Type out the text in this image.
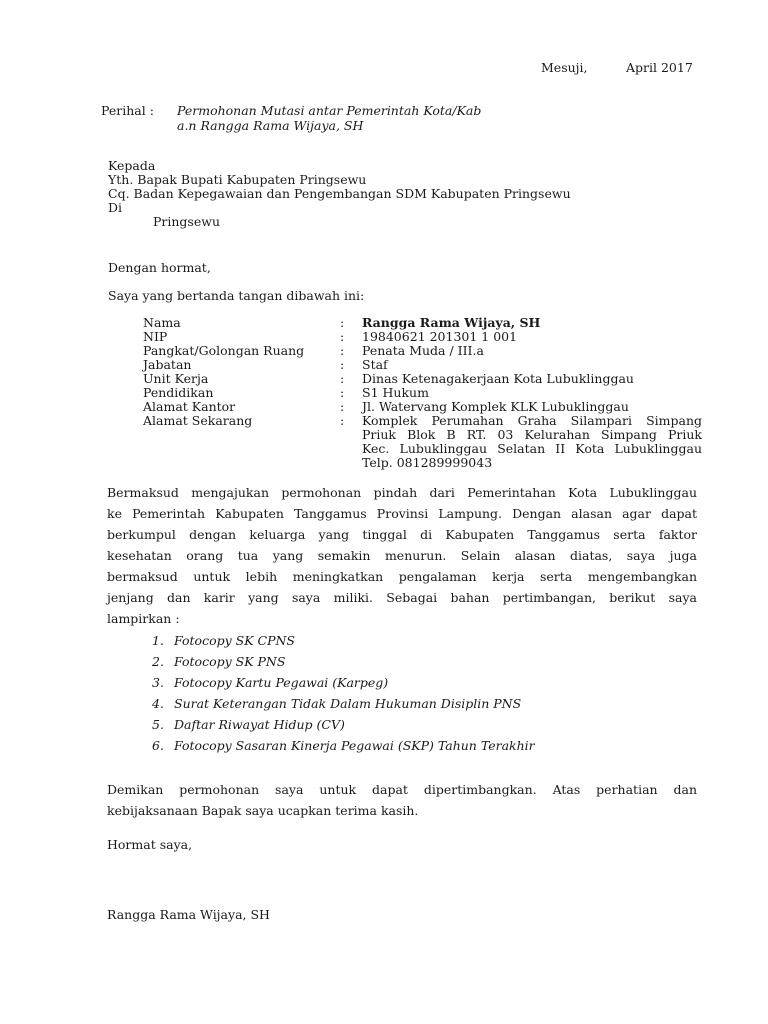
Mesuji,	April 2017
Perihal : Permohonan Mutasi antar Pemerintah Kota/Kab
a.n Rangga Rama Wijaya, SH
Kepada
Yth. Bapak Bupati Kabupaten Pringsewu
Cq. Badan Kepegawaian dan Pengembangan SDM Kabupaten Pringsewu
Di
Pringsewu
Dengan hormat,
Saya yang bertanda tangan dibawah ini:
Nama	:	Rangga Rama Wijaya, SH
NIP	:	19840621 201301 1 001
Pangkat/Golongan Ruang	:	Penata Muda / III.a
Jabatan	:	Staf
Unit Kerja	:	Dinas Ketenagakerjaan Kota Lubuklinggau
Pendidikan	:	S1 Hukum
Alamat Kantor	:	Jl. Watervang Komplek KLK Lubuklinggau
Alamat Sekarang	:	Komplek Perumahan Graha Silampari Simpang
Priuk Blok B RT. 03 Kelurahan Simpang Priuk
Kec. Lubuklinggau Selatan II Kota Lubuklinggau
Telp. 081289999043
Bermaksud mengajukan permohonan pindah dari Pemerintahan Kota Lubuklinggau
ke Pemerintah Kabupaten Tanggamus Provinsi Lampung. Dengan alasan agar dapat
berkumpul dengan keluarga yang tinggal di Kabupaten Tanggamus serta faktor
kesehatan orang tua yang semakin menurun. Selain alasan diatas, saya juga
bermaksud untuk lebih meningkatkan pengalaman kerja serta mengembangkan
jenjang dan karir yang saya miliki. Sebagai bahan pertimbangan, berikut saya
lampirkan :
1. Fotocopy SK CPNS
2. Fotocopy SK PNS
3. Fotocopy Kartu Pegawai (Karpeg)
4. Surat Keterangan Tidak Dalam Hukuman Disiplin PNS
5. Daftar Riwayat Hidup (CV)
6. Fotocopy Sasaran Kinerja Pegawai (SKP) Tahun Terakhir
Demikan permohonan saya untuk dapat dipertimbangkan. Atas perhatian dan
kebijaksanaan Bapak saya ucapkan terima kasih.
Hormat saya,
Rangga Rama Wijaya, SH
